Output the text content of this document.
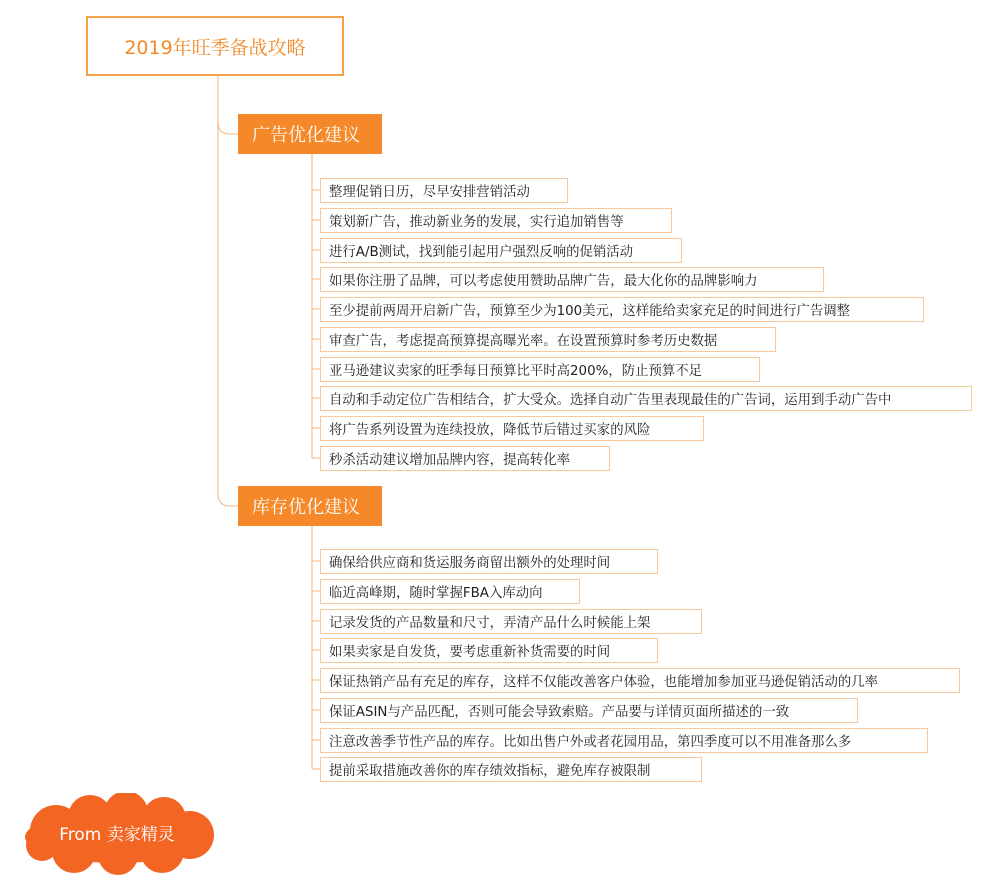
2019年旺季备战攻略
广告优化建议
整理促销日历，尽早安排营销活动
策划新广告，推动新业务的发展，实行追加销售等
进行A/B测试，找到能引起用户强烈反响的促销活动
如果你注册了品牌，可以考虑使用赞助品牌广告，最大化你的品牌影响力
至少提前两周开启新广告，预算至少为100美元，这样能给卖家充足的时间进行广告调整
审查广告，考虑提高预算提高曝光率。在设置预算时参考历史数据
亚马逊建议卖家的旺季每日预算比平时高200%，防止预算不足
自动和手动定位广告相结合，扩大受众。选择自动广告里表现最佳的广告词，运用到手动广告中
将广告系列设置为连续投放，降低节后错过买家的风险
秒杀活动建议增加品牌内容，提高转化率
库存优化建议
确保给供应商和货运服务商留出额外的处理时间
临近高峰期，随时掌握FBA入库动向
记录发货的产品数量和尺寸，弄清产品什么时候能上架
如果卖家是自发货，要考虑重新补货需要的时间
保证热销产品有充足的库存，这样不仅能改善客户体验，也能增加参加亚马逊促销活动的几率
保证ASIN与产品匹配，否则可能会导致索赔。产品要与详情页面所描述的一致
注意改善季节性产品的库存。比如出售户外或者花园用品，第四季度可以不用准备那么多
提前采取措施改善你的库存绩效指标，避免库存被限制
From 卖家精灵
